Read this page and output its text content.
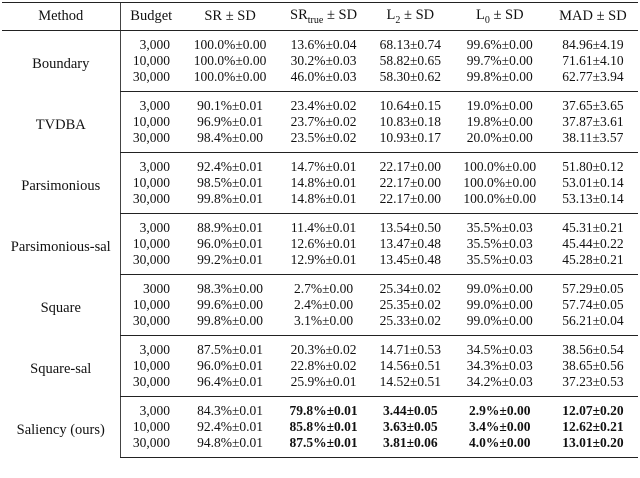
Method	Budget	SR ± SD	$SR_{true}$ ± SD	$L_2$ ± SD	$L_0$ ± SD	MAD ± SD
Boundary	3,000	100.0%±0.00	13.6%±0.04	68.13±0.74	99.6%±0.00	84.96±4.19
	10,000	100.0%±0.00	30.2%±0.03	58.82±0.65	99.7%±0.00	71.61±4.10
	30,000	100.0%±0.00	46.0%±0.03	58.30±0.62	99.8%±0.00	62.77±3.94
TVDBA	3,000	90.1%±0.01	23.4%±0.02	10.64±0.15	19.0%±0.00	37.65±3.65
	10,000	96.9%±0.01	23.7%±0.02	10.83±0.18	19.8%±0.00	37.87±3.61
	30,000	98.4%±0.00	23.5%±0.02	10.93±0.17	20.0%±0.00	38.11±3.57
Parsimonious	3,000	92.4%±0.01	14.7%±0.01	22.17±0.00	100.0%±0.00	51.80±0.12
	10,000	98.5%±0.01	14.8%±0.01	22.17±0.00	100.0%±0.00	53.01±0.14
	30,000	99.8%±0.01	14.8%±0.01	22.17±0.00	100.0%±0.00	53.13±0.14
Parsimonious-sal	3,000	88.9%±0.01	11.4%±0.01	13.54±0.50	35.5%±0.03	45.31±0.21
	10,000	96.0%±0.01	12.6%±0.01	13.47±0.48	35.5%±0.03	45.44±0.22
	30,000	99.2%±0.01	12.9%±0.01	13.45±0.48	35.5%±0.03	45.28±0.21
Square	3000	98.3%±0.00	2.7%±0.00	25.34±0.02	99.0%±0.00	57.29±0.05
	10,000	99.6%±0.00	2.4%±0.00	25.35±0.02	99.0%±0.00	57.74±0.05
	30,000	99.8%±0.00	3.1%±0.00	25.33±0.02	99.0%±0.00	56.21±0.04
Square-sal	3,000	87.5%±0.01	20.3%±0.02	14.71±0.53	34.5%±0.03	38.56±0.54
	10,000	96.0%±0.01	22.8%±0.02	14.56±0.51	34.3%±0.03	38.65±0.56
	30,000	96.4%±0.01	25.9%±0.01	14.52±0.51	34.2%±0.03	37.23±0.53
Saliency (ours)	3,000	84.3%±0.01	79.8%±0.01	3.44±0.05	2.9%±0.00	12.07±0.20
	10,000	92.4%±0.01	85.8%±0.01	3.63±0.05	3.4%±0.00	12.62±0.21
	30,000	94.8%±0.01	87.5%±0.01	3.81±0.06	4.0%±0.00	13.01±0.20
